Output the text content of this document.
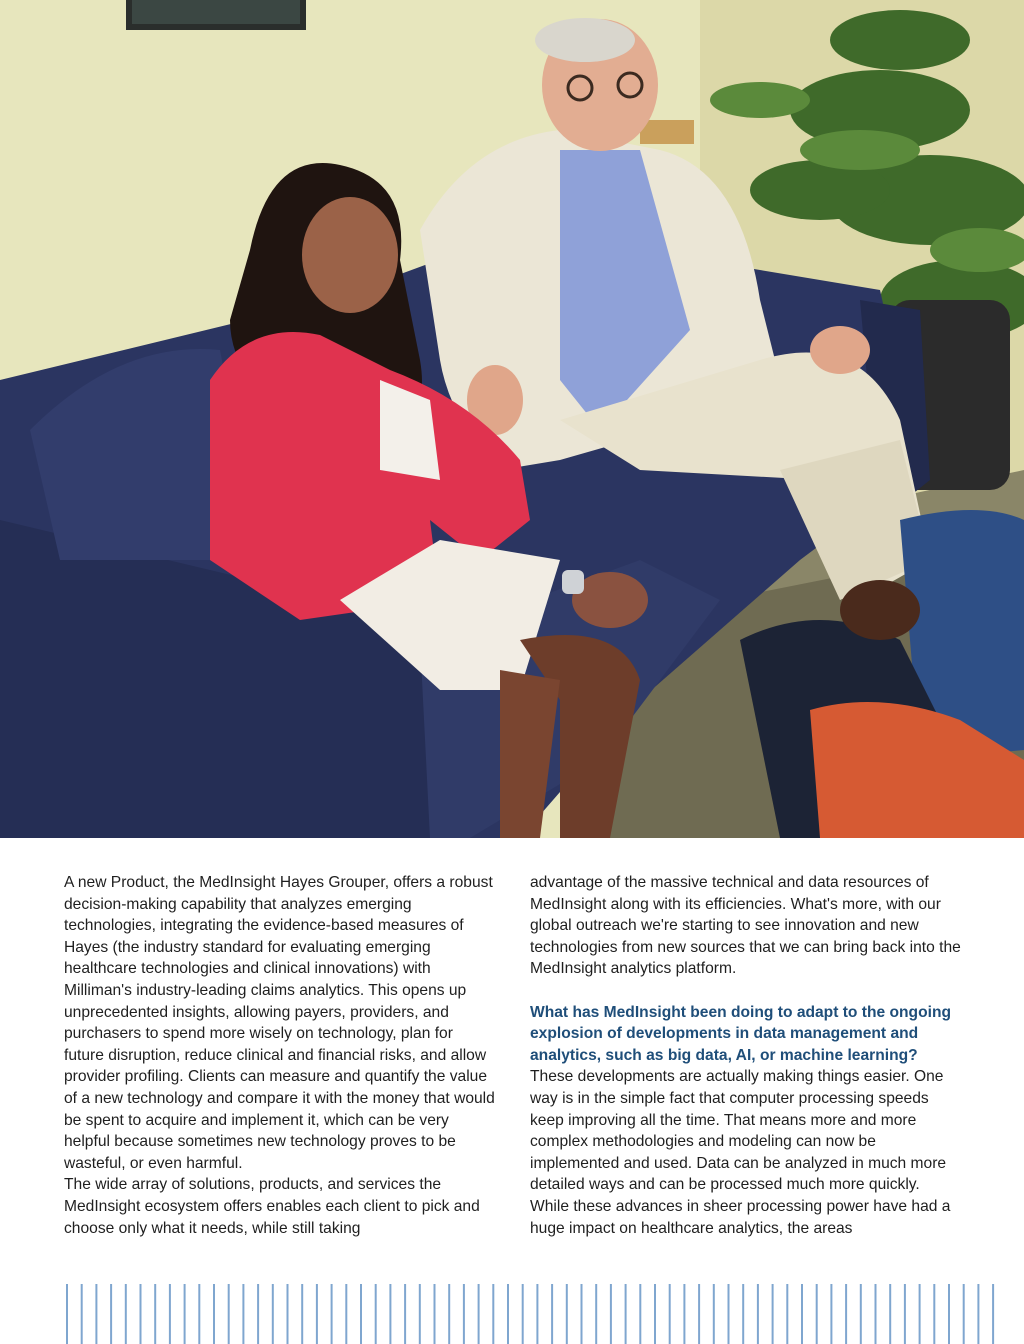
A new Product, the MedInsight Hayes Grouper, offers a robust decision-making capability that analyzes emerging technologies, integrating the evidence-based measures of Hayes (the industry standard for evaluating emerging healthcare technologies and clinical innovations) with Milliman's industry-leading claims analytics. This opens up unprecedented insights, allowing payers, providers, and purchasers to spend more wisely on technology, plan for future disruption, reduce clinical and financial risks, and allow provider profiling. Clients can measure and quantify the value of a new technology and compare it with the money that would be spent to acquire and implement it, which can be very helpful because sometimes new technology proves to be wasteful, or even harmful.

The wide array of solutions, products, and services the MedInsight ecosystem offers enables each client to pick and choose only what it needs, while still taking

advantage of the massive technical and data resources of MedInsight along with its efficiencies. What's more, with our global outreach we're starting to see innovation and new technologies from new sources that we can bring back into the MedInsight analytics platform.

What has MedInsight been doing to adapt to the ongoing explosion of developments in data management and analytics, such as big data, AI, or machine learning?

These developments are actually making things easier. One way is in the simple fact that computer processing speeds keep improving all the time. That means more and more complex methodologies and modeling can now be implemented and used. Data can be analyzed in much more detailed ways and can be processed much more quickly. While these advances in sheer processing power have had a huge impact on healthcare analytics, the areas
